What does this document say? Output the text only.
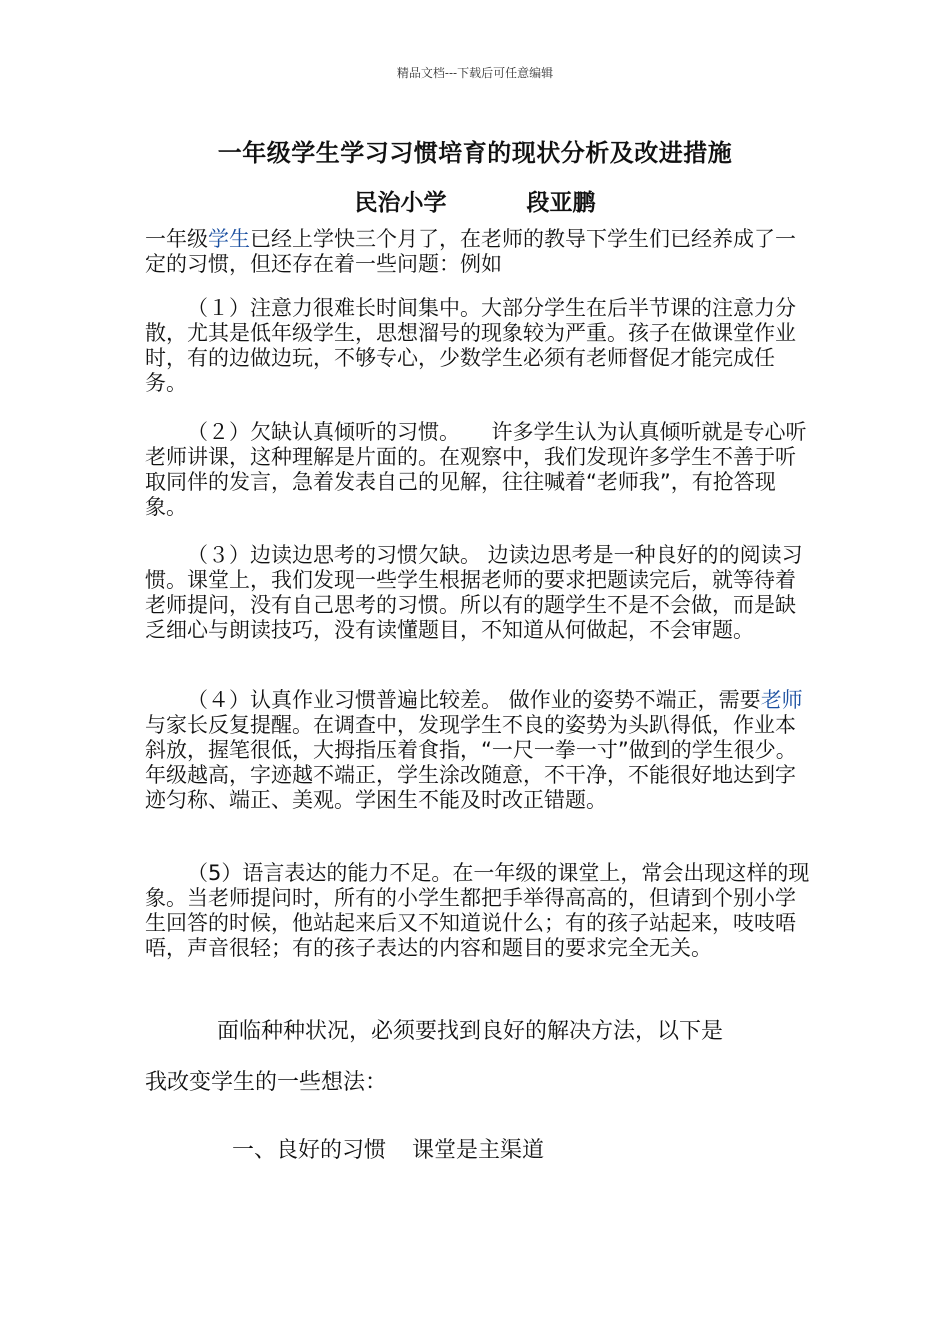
精品文档---下载后可任意编辑
一年级学生学习习惯培育的现状分析及改进措施
民治小学	段亚鹏

一年级学生已经上学快三个月了，在老师的教导下学生们已经养成了一定的习惯，但还存在着一些问题：例如

（１）注意力很难长时间集中。大部分学生在后半节课的注意力分散，尤其是低年级学生，思想溜号的现象较为严重。孩子在做课堂作业时，有的边做边玩，不够专心，少数学生必须有老师督促才能完成任务。

（２）欠缺认真倾听的习惯。　　许多学生认为认真倾听就是专心听老师讲课，这种理解是片面的。在观察中，我们发现许多学生不善于听取同伴的发言，急着发表自己的见解，往往喊着“老师我”，有抢答现象。

（３）边读边思考的习惯欠缺。 边读边思考是一种良好的的阅读习惯。课堂上，我们发现一些学生根据老师的要求把题读完后，就等待着老师提问，没有自己思考的习惯。所以有的题学生不是不会做，而是缺乏细心与朗读技巧，没有读懂题目，不知道从何做起，不会审题。

（４）认真作业习惯普遍比较差。 做作业的姿势不端正，需要老师与家长反复提醒。在调查中，发现学生不良的姿势为头趴得低，作业本斜放，握笔很低，大拇指压着食指，“一尺一拳一寸”做到的学生很少。年级越高，字迹越不端正，学生涂改随意，不干净，不能很好地达到字迹匀称、端正、美观。学困生不能及时改正错题。

（5）语言表达的能力不足。在一年级的课堂上，常会出现这样的现象。当老师提问时，所有的小学生都把手举得高高的，但请到个别小学生回答的时候，他站起来后又不知道说什么；有的孩子站起来，吱吱唔唔，声音很轻；有的孩子表达的内容和题目的要求完全无关。

面临种种状况，必须要找到良好的解决方法，以下是

我改变学生的一些想法：

一、良好的习惯 课堂是主渠道
